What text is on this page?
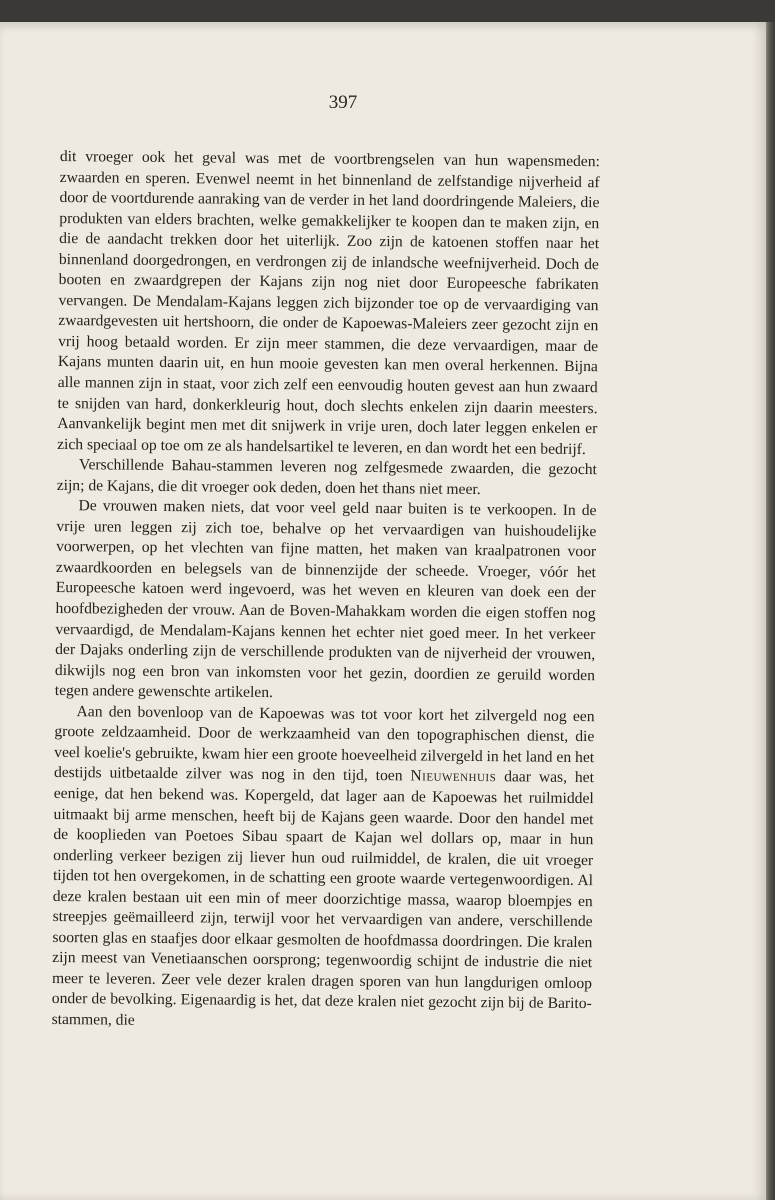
397

dit vroeger ook het geval was met de voortbrengselen van hun wapensmeden: zwaarden en speren. Evenwel neemt in het binnenland de zelfstandige nijverheid af door de voortdurende aanraking van de verder in het land doordringende Maleiers, die produkten van elders brachten, welke gemakkelijker te koopen dan te maken zijn, en die de aandacht trekken door het uiterlijk. Zoo zijn de katoenen stoffen naar het binnenland doorgedrongen, en verdrongen zij de inlandsche weefnijverheid. Doch de booten en zwaardgrepen der Kajans zijn nog niet door Europeesche fabrikaten vervangen. De Mendalam-Kajans leggen zich bijzonder toe op de vervaardiging van zwaardgevesten uit hertshoorn, die onder de Kapoewas-Maleiers zeer gezocht zijn en vrij hoog betaald worden. Er zijn meer stammen, die deze vervaardigen, maar de Kajans munten daarin uit, en hun mooie gevesten kan men overal herkennen. Bijna alle mannen zijn in staat, voor zich zelf een eenvoudig houten gevest aan hun zwaard te snijden van hard, donkerkleurig hout, doch slechts enkelen zijn daarin meesters. Aanvankelijk begint men met dit snijwerk in vrije uren, doch later leggen enkelen er zich speciaal op toe om ze als handelsartikel te leveren, en dan wordt het een bedrijf.

Verschillende Bahau-stammen leveren nog zelfgesmede zwaarden, die gezocht zijn; de Kajans, die dit vroeger ook deden, doen het thans niet meer.

De vrouwen maken niets, dat voor veel geld naar buiten is te verkoopen. In de vrije uren leggen zij zich toe, behalve op het vervaardigen van huishoudelijke voorwerpen, op het vlechten van fijne matten, het maken van kraalpatronen voor zwaardkoorden en belegsels van de binnenzijde der scheede. Vroeger, vóór het Europeesche katoen werd ingevoerd, was het weven en kleuren van doek een der hoofdbezigheden der vrouw. Aan de Boven-Mahakkam worden die eigen stoffen nog vervaardigd, de Mendalam-Kajans kennen het echter niet goed meer. In het verkeer der Dajaks onderling zijn de verschillende produkten van de nijverheid der vrouwen, dikwijls nog een bron van inkomsten voor het gezin, doordien ze geruild worden tegen andere gewenschte artikelen.

Aan den bovenloop van de Kapoewas was tot voor kort het zilvergeld nog een groote zeldzaamheid. Door de werkzaamheid van den topographischen dienst, die veel koelie's gebruikte, kwam hier een groote hoeveelheid zilvergeld in het land en het destijds uitbetaalde zilver was nog in den tijd, toen Nieuwenhuis daar was, het eenige, dat hen bekend was. Kopergeld, dat lager aan de Kapoewas het ruilmiddel uitmaakt bij arme menschen, heeft bij de Kajans geen waarde. Door den handel met de kooplieden van Poetoes Sibau spaart de Kajan wel dollars op, maar in hun onderling verkeer bezigen zij liever hun oud ruilmiddel, de kralen, die uit vroeger tijden tot hen overgekomen, in de schatting een groote waarde vertegenwoordigen. Al deze kralen bestaan uit een min of meer doorzichtige massa, waarop bloempjes en streepjes geëmailleerd zijn, terwijl voor het vervaardigen van andere, verschillende soorten glas en staafjes door elkaar gesmolten de hoofdmassa doordringen. Die kralen zijn meest van Venetiaanschen oorsprong; tegenwoordig schijnt de industrie die niet meer te leveren. Zeer vele dezer kralen dragen sporen van hun langdurigen omloop onder de bevolking. Eigenaardig is het, dat deze kralen niet gezocht zijn bij de Barito-stammen, die
